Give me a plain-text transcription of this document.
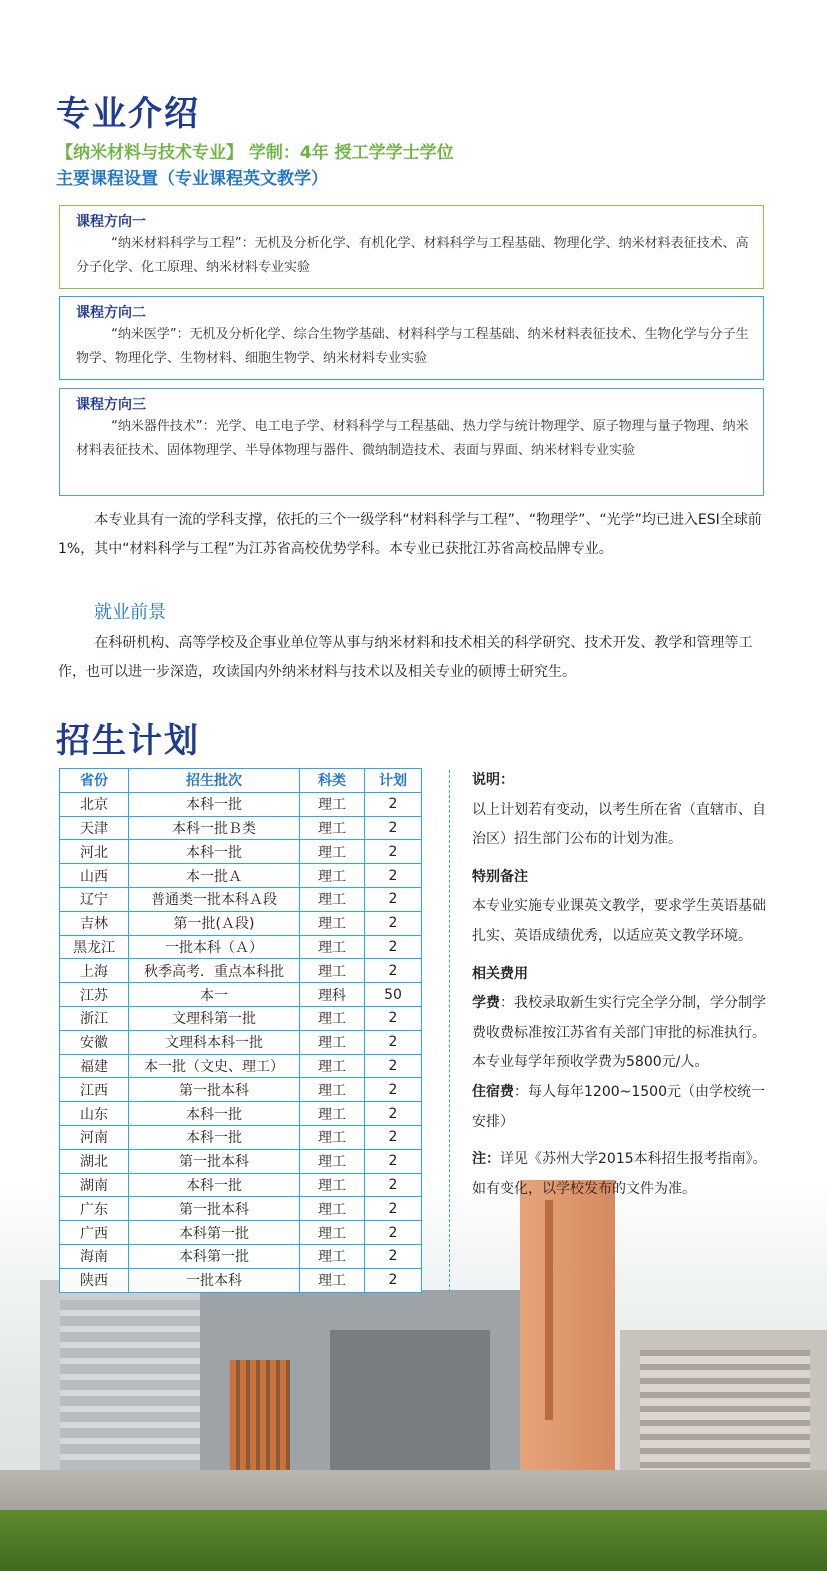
专业介绍
【纳米材料与技术专业】 学制：4年 授工学学士学位
主要课程设置（专业课程英文教学）
课程方向一
“纳米材料科学与工程”：无机及分析化学、有机化学、材料科学与工程基础、物理化学、纳米材料表征技术、高分子化学、化工原理、纳米材料专业实验
课程方向二
“纳米医学”：无机及分析化学、综合生物学基础、材料科学与工程基础、纳米材料表征技术、生物化学与分子生物学、物理化学、生物材料、细胞生物学、纳米材料专业实验
课程方向三
“纳米器件技术”：光学、电工电子学、材料科学与工程基础、热力学与统计物理学、原子物理与量子物理、纳米材料表征技术、固体物理学、半导体物理与器件、微纳制造技术、表面与界面、纳米材料专业实验
本专业具有一流的学科支撑，依托的三个一级学科“材料科学与工程”、“物理学”、“光学”均已进入ESI全球前1%，其中“材料科学与工程”为江苏省高校优势学科。本专业已获批江苏省高校品牌专业。
就业前景
在科研机构、高等学校及企事业单位等从事与纳米材料和技术相关的科学研究、技术开发、教学和管理等工作，也可以进一步深造，攻读国内外纳米材料与技术以及相关专业的硕博士研究生。
招生计划
省份	招生批次	科类	计划
北京	本科一批	理工	2
天津	本科一批Ｂ类	理工	2
河北	本科一批	理工	2
山西	本一批Ａ	理工	2
辽宁	普通类一批本科Ａ段	理工	2
吉林	第一批(Ａ段)	理工	2
黑龙江	一批本科（Ａ）	理工	2
上海	秋季高考．重点本科批	理工	2
江苏	本一	理科	50
浙江	文理科第一批	理工	2
安徽	文理科本科一批	理工	2
福建	本一批（文史、理工）	理工	2
江西	第一批本科	理工	2
山东	本科一批	理工	2
河南	本科一批	理工	2
湖北	第一批本科	理工	2
湖南	本科一批	理工	2
广东	第一批本科	理工	2
广西	本科第一批	理工	2
海南	本科第一批	理工	2
陕西	一批本科	理工	2

说明：

以上计划若有变动，以考生所在省（直辖市、自治区）招生部门公布的计划为准。

特别备注

本专业实施专业课英文教学，要求学生英语基础扎实、英语成绩优秀，以适应英文教学环境。

相关费用

学费：我校录取新生实行完全学分制，学分制学费收费标准按江苏省有关部门审批的标准执行。本专业每学年预收学费为5800元/人。

住宿费：每人每年1200~1500元（由学校统一安排）

注：详见《苏州大学2015本科招生报考指南》。如有变化，以学校发布的文件为准。
